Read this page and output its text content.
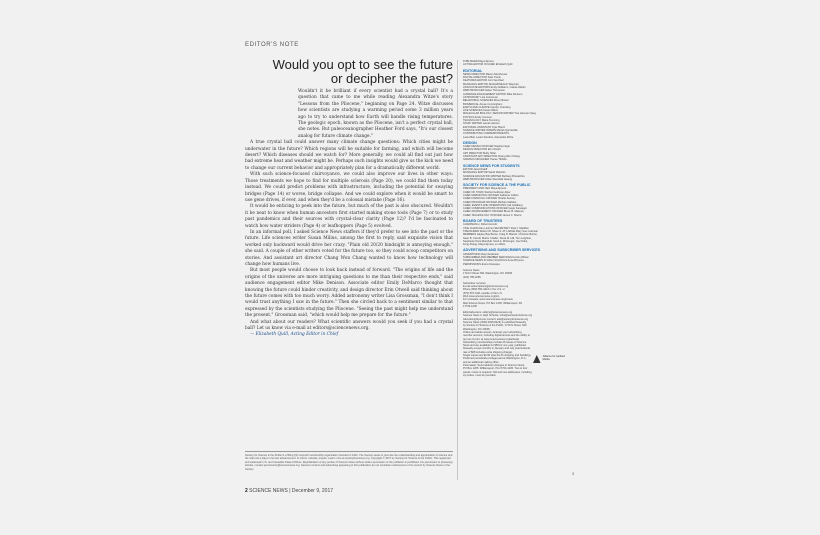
EDITOR'S NOTE
Would you opt to see the future or decipher the past?

Wouldn't it be brilliant if every scientist had a crystal ball? It's a question that came to me while reading Alexandra Witze's story "Lessons from the Pliocene," beginning on Page 24. Witze discusses how scientists are studying a warming period some 3 million years ago to try to understand how Earth will handle rising temperatures. The geologic epoch, known as the Pliocene, isn't a perfect crystal ball, she notes. But paleoceanographer Heather Ford says, "It's our closest analog for future climate change."

A true crystal ball could answer many climate change questions: Which cities might be underwater in the future? Which regions will be suitable for farming, and which will become desert? Which diseases should we watch for? More generally, we could all find out just how bad extreme heat and weather might be. Perhaps such insights would give us the kick we need to change our current behavior and appropriately plan for a dramatically different world.

With such science-focused clairvoyance, we could also improve our lives in other ways: Those treatments we hope to find for multiple sclerosis (Page 20), we could find them today instead. We could predict problems with infrastructure, including the potential for swaying bridges (Page 14) or worse, bridge collapse. And we could explore when it would be smart to use gene drives, if ever, and when they'd be a colossal mistake (Page 16).

It would be enticing to peek into the future, but much of the past is also obscured. Wouldn't it be neat to know when human ancestors first started making stone tools (Page 7) or to study past pandemics and their sources with crystal-clear clarity (Page 12)? I'd be fascinated to watch how water striders (Page 4) or leafhoppers (Page 5) evolved.

In an informal poll, I asked Science News staffers if they'd prefer to see into the past or the future. Life sciences writer Susan Milius, among the first to reply, said exquisite vision that worked only backward would drive her crazy. "Plain old 20/20 hindsight is annoying enough," she said. A couple of other writers voted for the future too, so they could scoop competitors on stories. And assistant art director Chang Won Chang wanted to know how technology will change how humans live.

But most people would choose to look back instead of forward. "The origins of life and the origins of the universe are more intriguing questions to me than their respective ends," said audience engagement editor Mike Denison. Associate editor Emily DeMarco thought that knowing the future could hinder creativity, and design director Erin Otwell said thinking about the future comes with too much worry. Added astronomy writer Lisa Grossman, "I don't think I would trust anything I saw in the future." Then she circled back to a sentiment similar to that expressed by the scientists studying the Pliocene. "Seeing the past might help me understand the present," Grossman said, "which would help me prepare for the future."

And what about our readers? What scientific answers would you seek if you had a crystal ball? Let us know via e-mail at editors@sciencenews.org.

— Elizabeth Quill, Acting Editor in Chief

Society for Science & the Public is a 501(c)(3) nonprofit membership organization founded in 1921. The Society seeks to promote the understanding and appreciation of science and the vital role it plays in human advancement: to inform, educate, inspire. Learn more at societyforscience.org. Copyright © 2017 by Society for Science & the Public. This registered and trademark U.S. and Canadian Patent Offices. Republication of any portion of Science News without written permission of the publisher is prohibited. For permission to photocopy articles, contact permissions@sciencenews.org. Sponsor content and advertising appearing in this publication do not constitute endorsement of its content by Science News or the Society.
2 SCIENCE NEWS | December 9, 2017
PUBLISHER Maya Ajmera
ACTING EDITOR IN CHIEF Elizabeth Quill
EDITORIAL
NEWS DIRECTOR Macon Morehouse
DIGITAL DIRECTOR Kate Travis
FEATURES EDITOR Cori Vanchieri
MANAGING EDITOR, MAGAZINE Erin Wayman
ASSOCIATE EDITORS Emily DeMarco, Cassie Martin
WEB PRODUCER Helen Thompson
AUDIENCE ENGAGEMENT EDITOR Mike Denison
ASTRONOMY Lisa Grossman
BEHAVIORAL SCIENCES Bruce Bower
BIOMEDICAL Aimee Cunningham
EARTH AND CLIMATE Carolyn Gramling
LIFE SCIENCES Susan Milius
MOLECULAR BIOLOGY, SENIOR WRITER Tina Hesman Saey
PHYSICS Emily Conover
TECHNOLOGY Maria Temming
STAFF WRITER Laurel Hamers
EDITORIAL ASSISTANT Kyle Plantz
SCIENCE WRITER INTERN Mariah Quintanilla
CONTRIBUTING CORRESPONDENTS
Laura Beil, Laura Sanders, Alexandra Witze
DESIGN
CHIEF DESIGN OFFICER Stephen Egts
DESIGN DIRECTOR Erin Otwell
ART DIRECTOR Molly Telfer
ASSISTANT ART DIRECTOR Chang Won Chang
GRAPHIC DESIGNER Tracee Tibbitts
SCIENCE NEWS FOR STUDENTS
EDITOR Janet Raloff
MANAGING EDITOR Sarah Zielinski
SCIENCE EDUCATION WRITER Bethany Brookshire
WEB PRODUCER Lillian Steenblik Hwang
SOCIETY FOR SCIENCE & THE PUBLIC
PRESIDENT AND CEO Maya Ajmera
CHIEF OF STAFF Rachel Goldman Alper
CHIEF MARKETING OFFICER Kathlene Collins
CHIEF FINANCIAL OFFICER Charlie Feeney
CHIEF PROGRAM OFFICER Michele Glidden
CHIEF, EVENTS AND OPERATIONS Cait Goldberg
CHIEF COMMUNICATIONS OFFICER Gayle Kansagor
CHIEF ADVANCEMENT OFFICER Bruce B. Makous
CHIEF TECHNOLOGY OFFICER James C. Moore
BOARD OF TRUSTEES
CHAIRMAN H. Robert Horvitz
VICE CHAIR Alan Leshner SECRETARY Paul J. Maddon
TREASURER Robert W. Shaw Jr. AT LARGE Mary Sue Coleman
MEMBERS Hayley Bay Barna, Craig R. Barrett, Christine Burton,
Sean B. Carroll, Martin Chalfie, Tessa M. Hill, Tom Leighton,
Stephanie Pace Marshall, Scott A. McGregor, Joe Palca,
Feng Zhang, Maya Ajmera, ex officio
ADVERTISING AND SUBSCRIBER SERVICES
ADVERTISING Daryl Anderson
SUBSCRIBER AND MEMBER SERVICES Kerwin Wilson
SCIENCE NEWS IN HIGH SCHOOLS Anna Rhymes
PERMISSIONS Evora Swoopes
Science News
1719 N Street NW, Washington, DC 20036
(202) 785-2255
Subscriber services
E-mail subscriptions@sciencenews.org
Phone (800) 552-4412 in the U.S. or
(570) 567-1191 outside of the U.S.
Web www.sciencenews.org/join
For renewals, www.sciencenews.org/renew
Mail Science News, PO Box 1205, Williamsport, PA
17703-1205
Editorial/Letters: editors@sciencenews.org
Science News in High Schools: snhs@societyforscience.org
Advertising/Sponsor content: ads@societyforscience.org
Science News (ISSN 0036-8423) is published biweekly
by Society for Science & the Public, 1719 N Street, NW,
Washington, DC 20036.
Online and tablet access: Activate your subscribing
member account, including digital access and the ability to
opt out of print, at www.sciencenews.org/activate
Subscribing memberships include 26 issues of Science
News and are available for $50 for one year, published
biweekly except monthly in January and July (international
rate of $68 includes extra shipping charge).
Single copies are $3.99 (plus $1.01 shipping and handling).
Preferred periodicals postage paid at Washington, D.C.,
and an additional mailing office.
Postmaster: Send address changes to Science News,
PO Box 1205, Williamsport, PA 17703-1205. Two to four
weeks' notice is required. Old and new addresses, including
zip codes, must be provided.
Alliance for Audited Media
3
